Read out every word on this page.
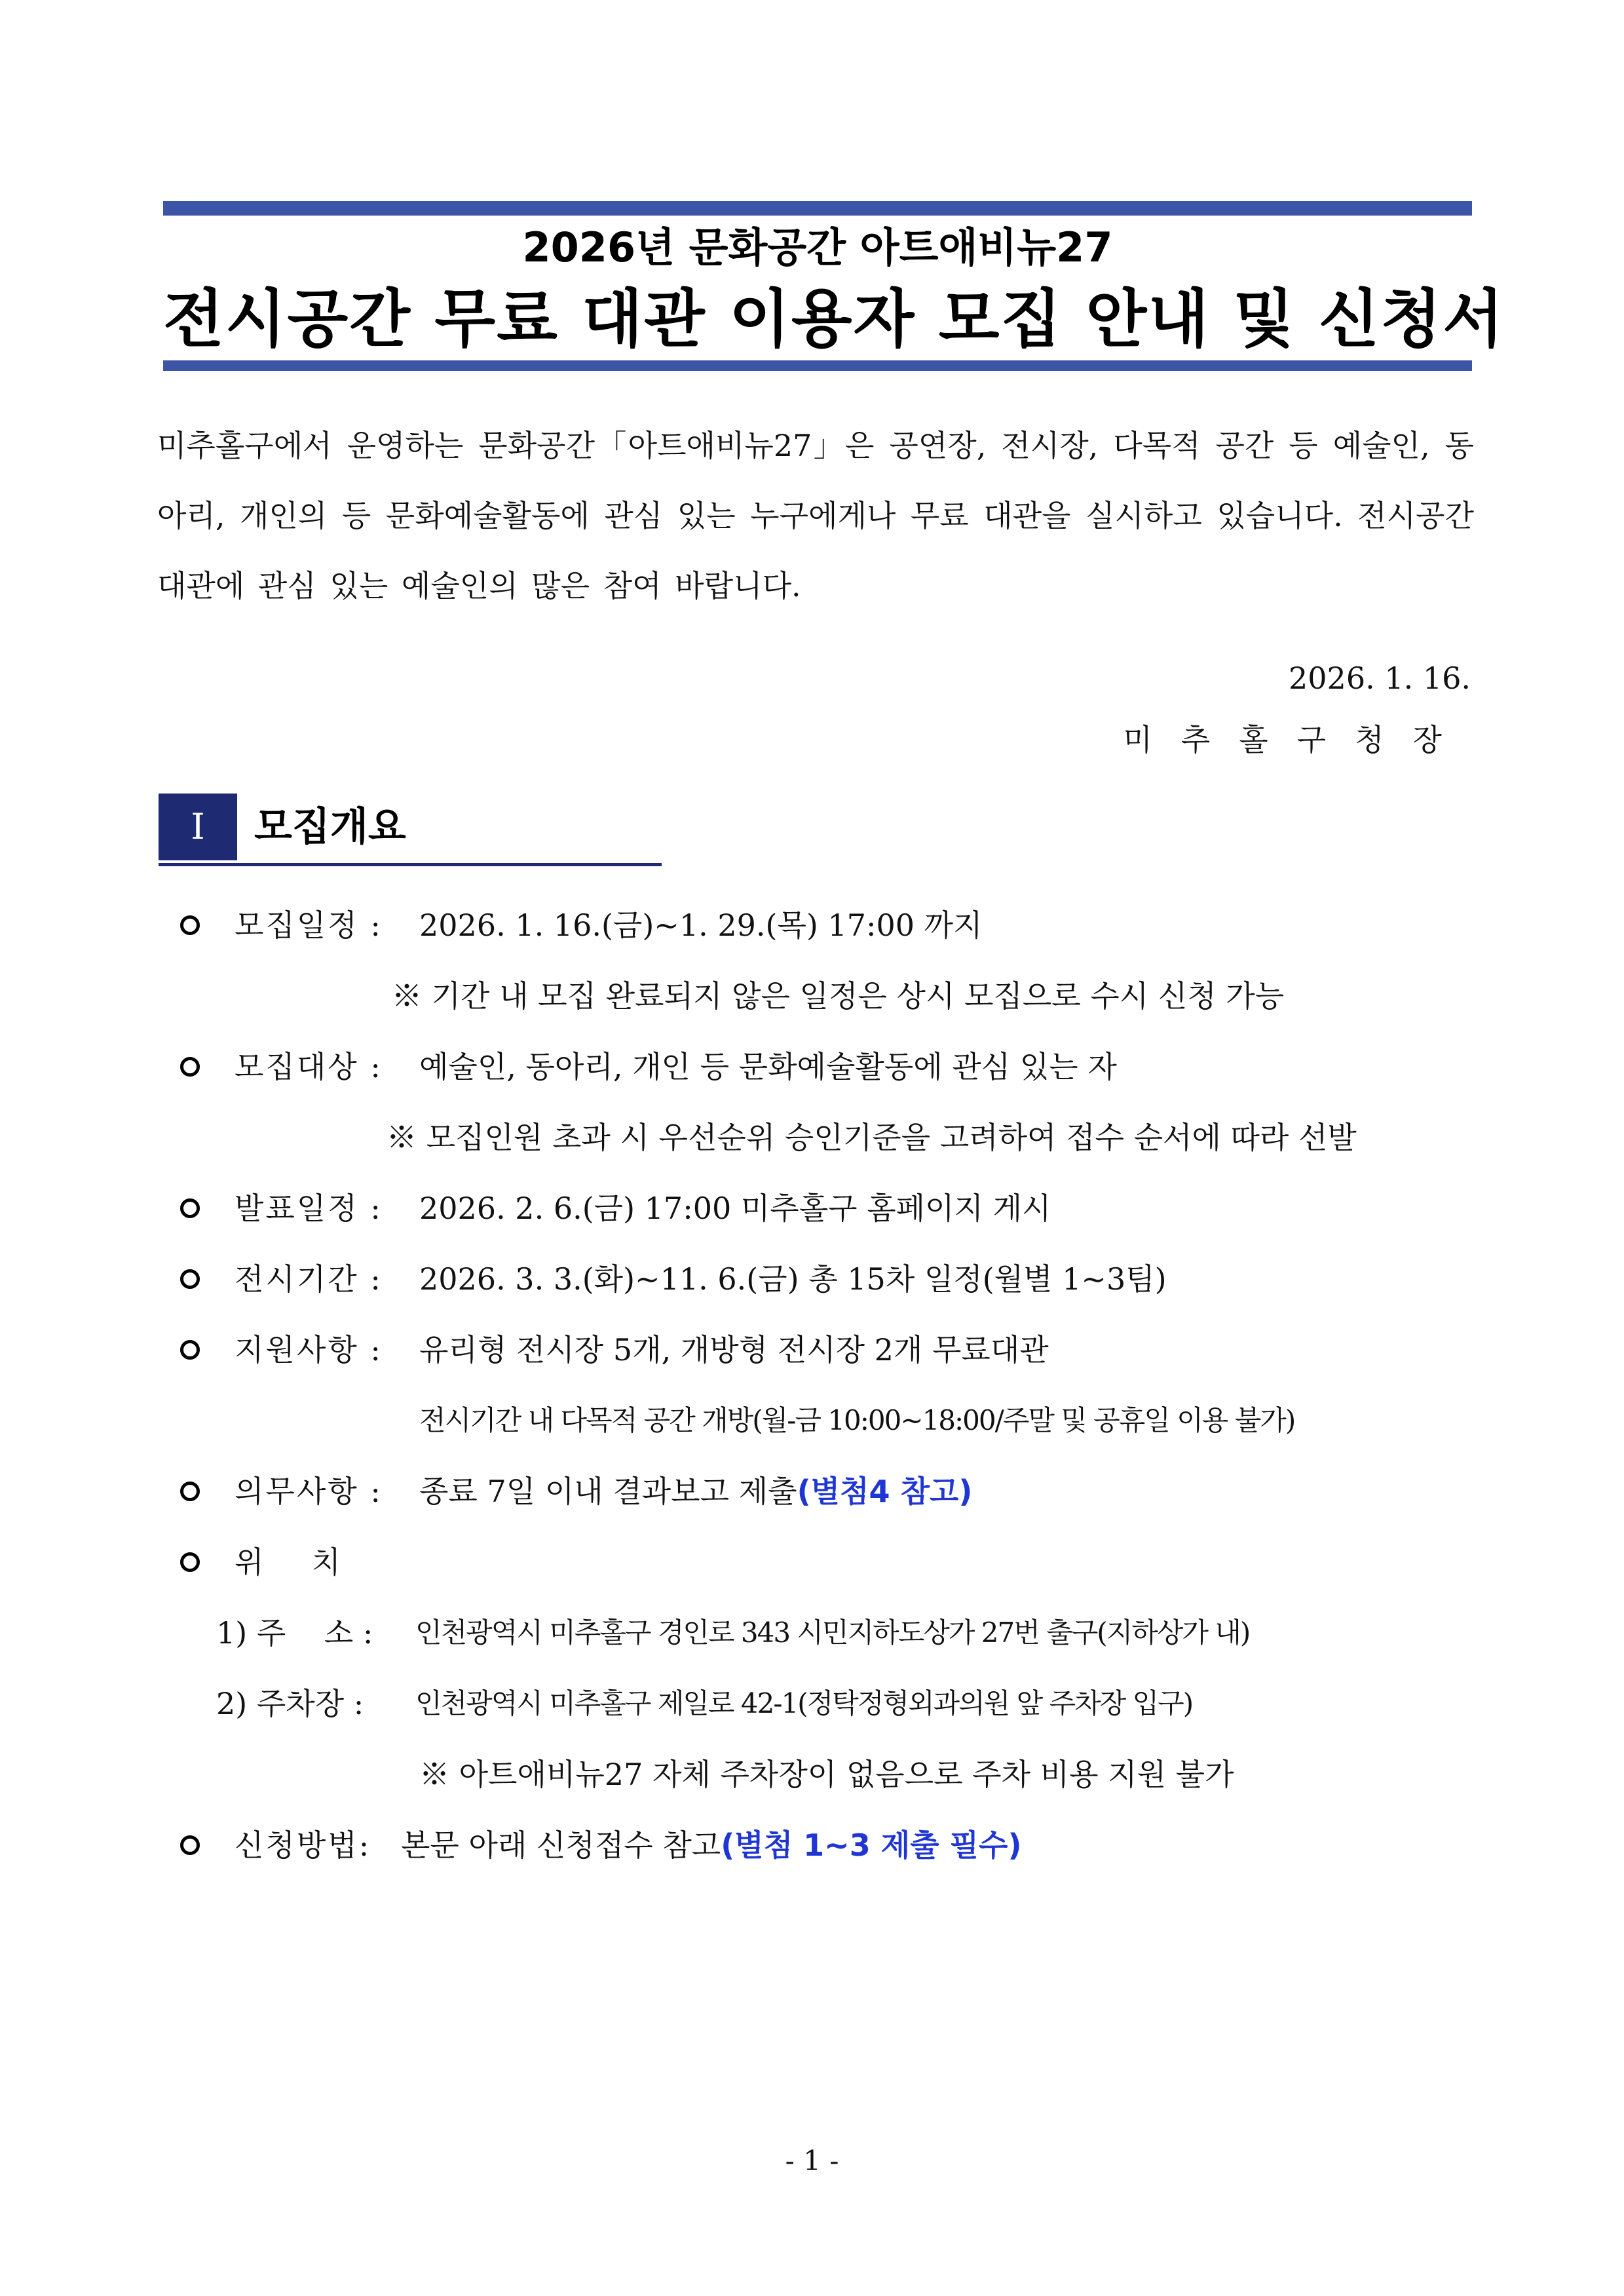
2026년 문화공간 아트애비뉴27
전시공간 무료 대관 이용자 모집 안내 및 신청서
미추홀구에서 운영하는 문화공간「아트애비뉴27」은 공연장, 전시장, 다목적 공간 등 예술인, 동아리, 개인의 등 문화예술활동에 관심 있는 누구에게나 무료 대관을 실시하고 있습니다. 전시공간 대관에 관심 있는 예술인의 많은 참여 바랍니다.
2026. 1. 16.
미추홀구청장
Ⅰ	모집개요
모집일정 : 2026. 1. 16.(금)~1. 29.(목) 17:00 까지
※ 기간 내 모집 완료되지 않은 일정은 상시 모집으로 수시 신청 가능
모집대상 : 예술인, 동아리, 개인 등 문화예술활동에 관심 있는 자
※ 모집인원 초과 시 우선순위 승인기준을 고려하여 접수 순서에 따라 선발
발표일정 : 2026. 2. 6.(금) 17:00 미추홀구 홈페이지 게시
전시기간 : 2026. 3. 3.(화)~11. 6.(금) 총 15차 일정(월별 1~3팀)
지원사항 : 유리형 전시장 5개, 개방형 전시장 2개 무료대관
전시기간 내 다목적 공간 개방(월-금 10:00~18:00/주말 및 공휴일 이용 불가)
의무사항 : 종료 7일 이내 결과보고 제출(별첨4 참고)
위     치
1) 주    소 : 인천광역시 미추홀구 경인로 343 시민지하도상가 27번 출구(지하상가 내)
2) 주차장 : 인천광역시 미추홀구 제일로 42-1(정탁정형외과의원 앞 주차장 입구)
※ 아트애비뉴27 자체 주차장이 없음으로 주차 비용 지원 불가
신청방법: 본문 아래 신청접수 참고(별첨 1~3 제출 필수)
- 1 -
